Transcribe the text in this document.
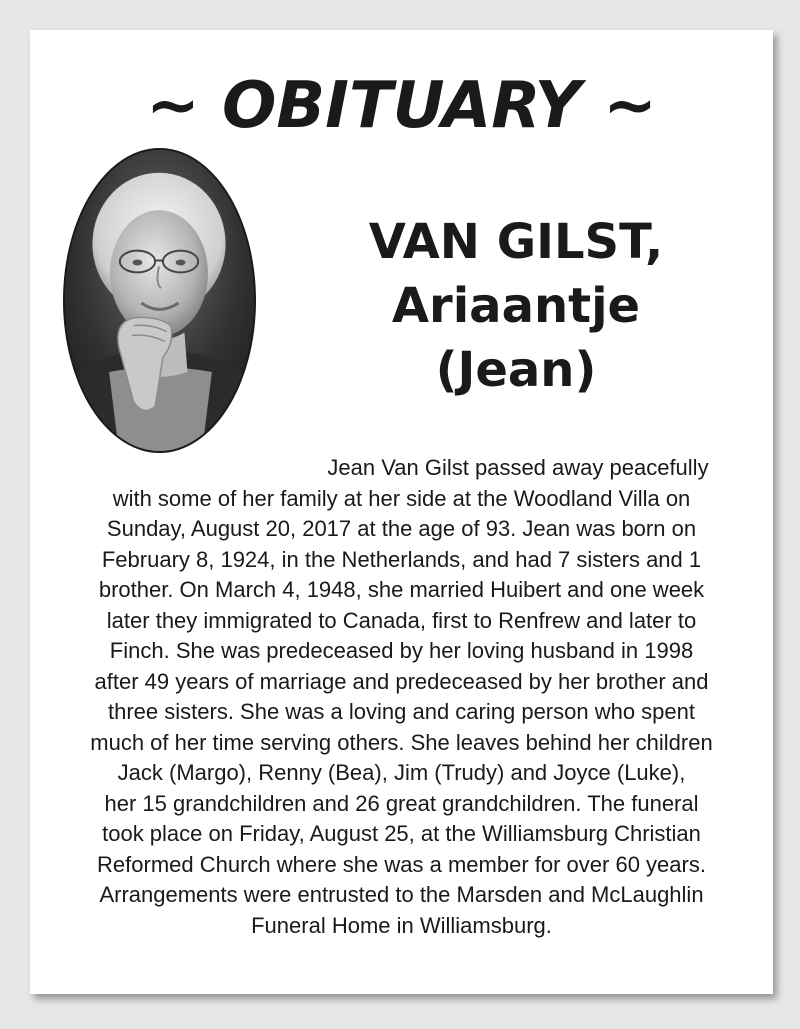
~ OBITUARY ~
VAN GILST,
Ariaantje
(Jean)
Jean Van Gilst passed away peacefully
with some of her family at her side at the Woodland Villa on
Sunday, August 20, 2017 at the age of 93. Jean was born on
February 8, 1924, in the Netherlands, and had 7 sisters and 1
brother. On March 4, 1948, she married Huibert and one week
later they immigrated to Canada, first to Renfrew and later to
Finch. She was predeceased by her loving husband in 1998
after 49 years of marriage and predeceased by her brother and
three sisters. She was a loving and caring person who spent
much of her time serving others. She leaves behind her children
Jack (Margo), Renny (Bea), Jim (Trudy) and Joyce (Luke),
her 15 grandchildren and 26 great grandchildren. The funeral
took place on Friday, August 25, at the Williamsburg Christian
Reformed Church where she was a member for over 60 years.
Arrangements were entrusted to the Marsden and McLaughlin
Funeral Home in Williamsburg.
